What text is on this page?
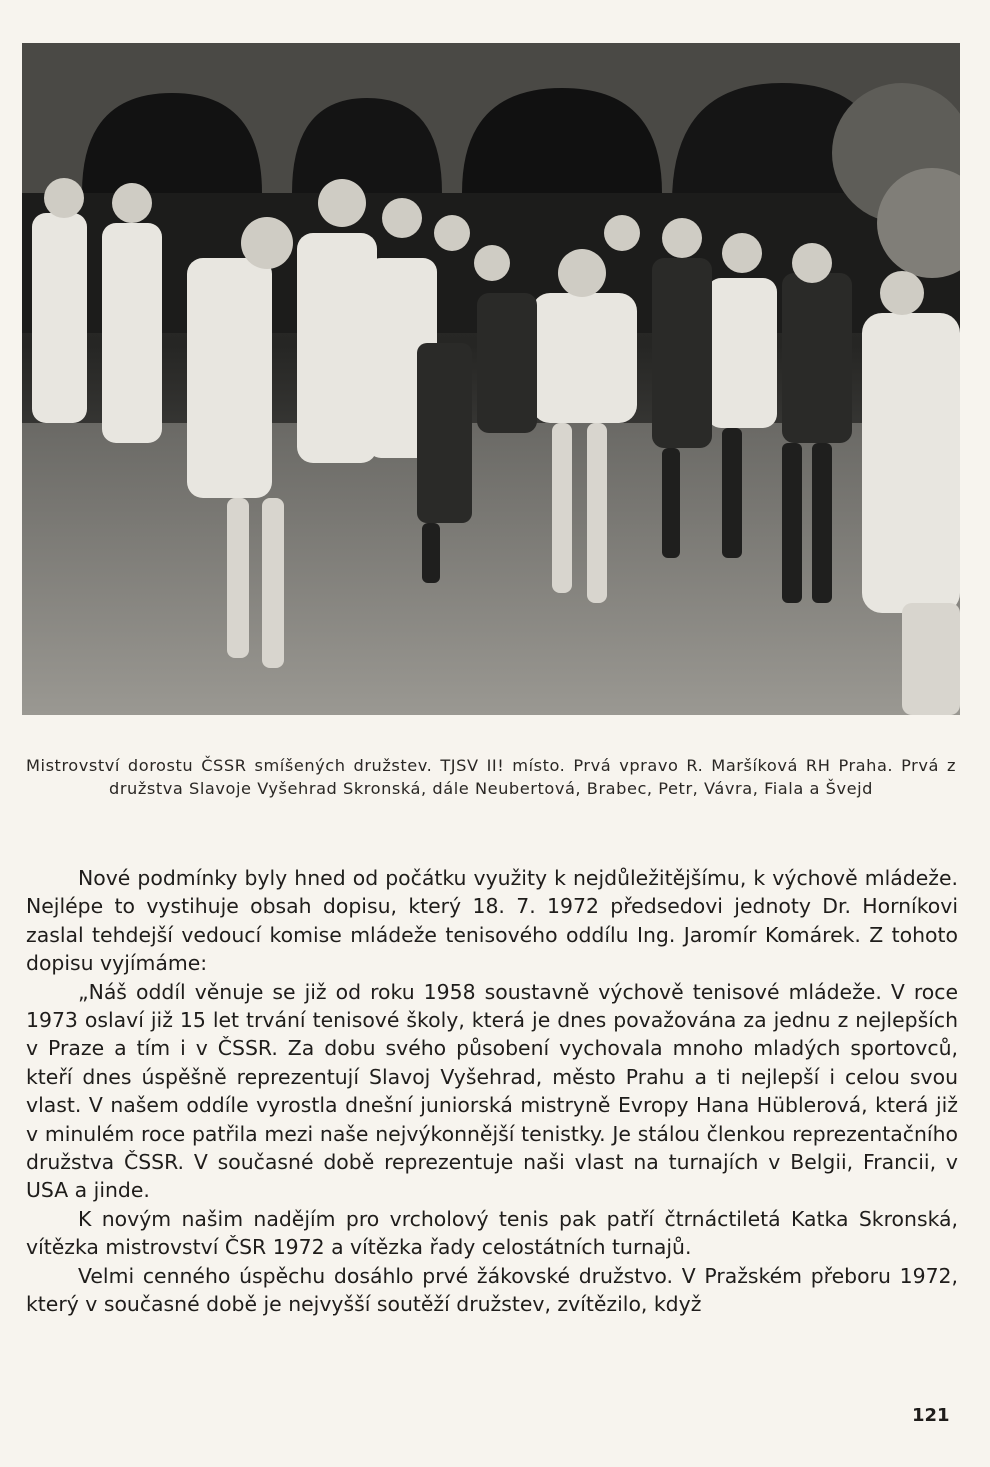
Mistrovství dorostu ČSSR smíšených družstev. TJSV II! místo. Prvá vpravo R. Maršíková RH Praha. Prvá z družstva Slavoje Vyšehrad Skronská, dále Neubertová, Brabec, Petr, Vávra, Fiala a Švejd

Nové podmínky byly hned od počátku využity k nejdůležitějšímu, k výchově mládeže. Nejlépe to vystihuje obsah dopisu, který 18. 7. 1972 předsedovi jednoty Dr. Horníkovi zaslal tehdejší vedoucí komise mládeže tenisového oddílu Ing. Jaromír Komárek. Z tohoto dopisu vyjímáme:

„Náš oddíl věnuje se již od roku 1958 soustavně výchově tenisové mládeže. V roce 1973 oslaví již 15 let trvání tenisové školy, která je dnes považována za jednu z nejlepších v Praze a tím i v ČSSR. Za dobu svého působení vychovala mnoho mladých sportovců, kteří dnes úspěšně reprezentují Slavoj Vyšehrad, město Prahu a ti nejlepší i celou svou vlast. V našem oddíle vyrostla dnešní juniorská mistryně Evropy Hana Hüblerová, která již v minulém roce patřila mezi naše nejvýkonnější tenistky. Je stálou členkou reprezentačního družstva ČSSR. V současné době reprezentuje naši vlast na turnajích v Belgii, Francii, v USA a jinde.

K novým našim nadějím pro vrcholový tenis pak patří čtrnáctiletá Katka Skronská, vítězka mistrovství ČSR 1972 a vítězka řady celostátních turnajů.

Velmi cenného úspěchu dosáhlo prvé žákovské družstvo. V Pražském přeboru 1972, který v současné době je nejvyšší soutěží družstev, zvítězilo, když

121
